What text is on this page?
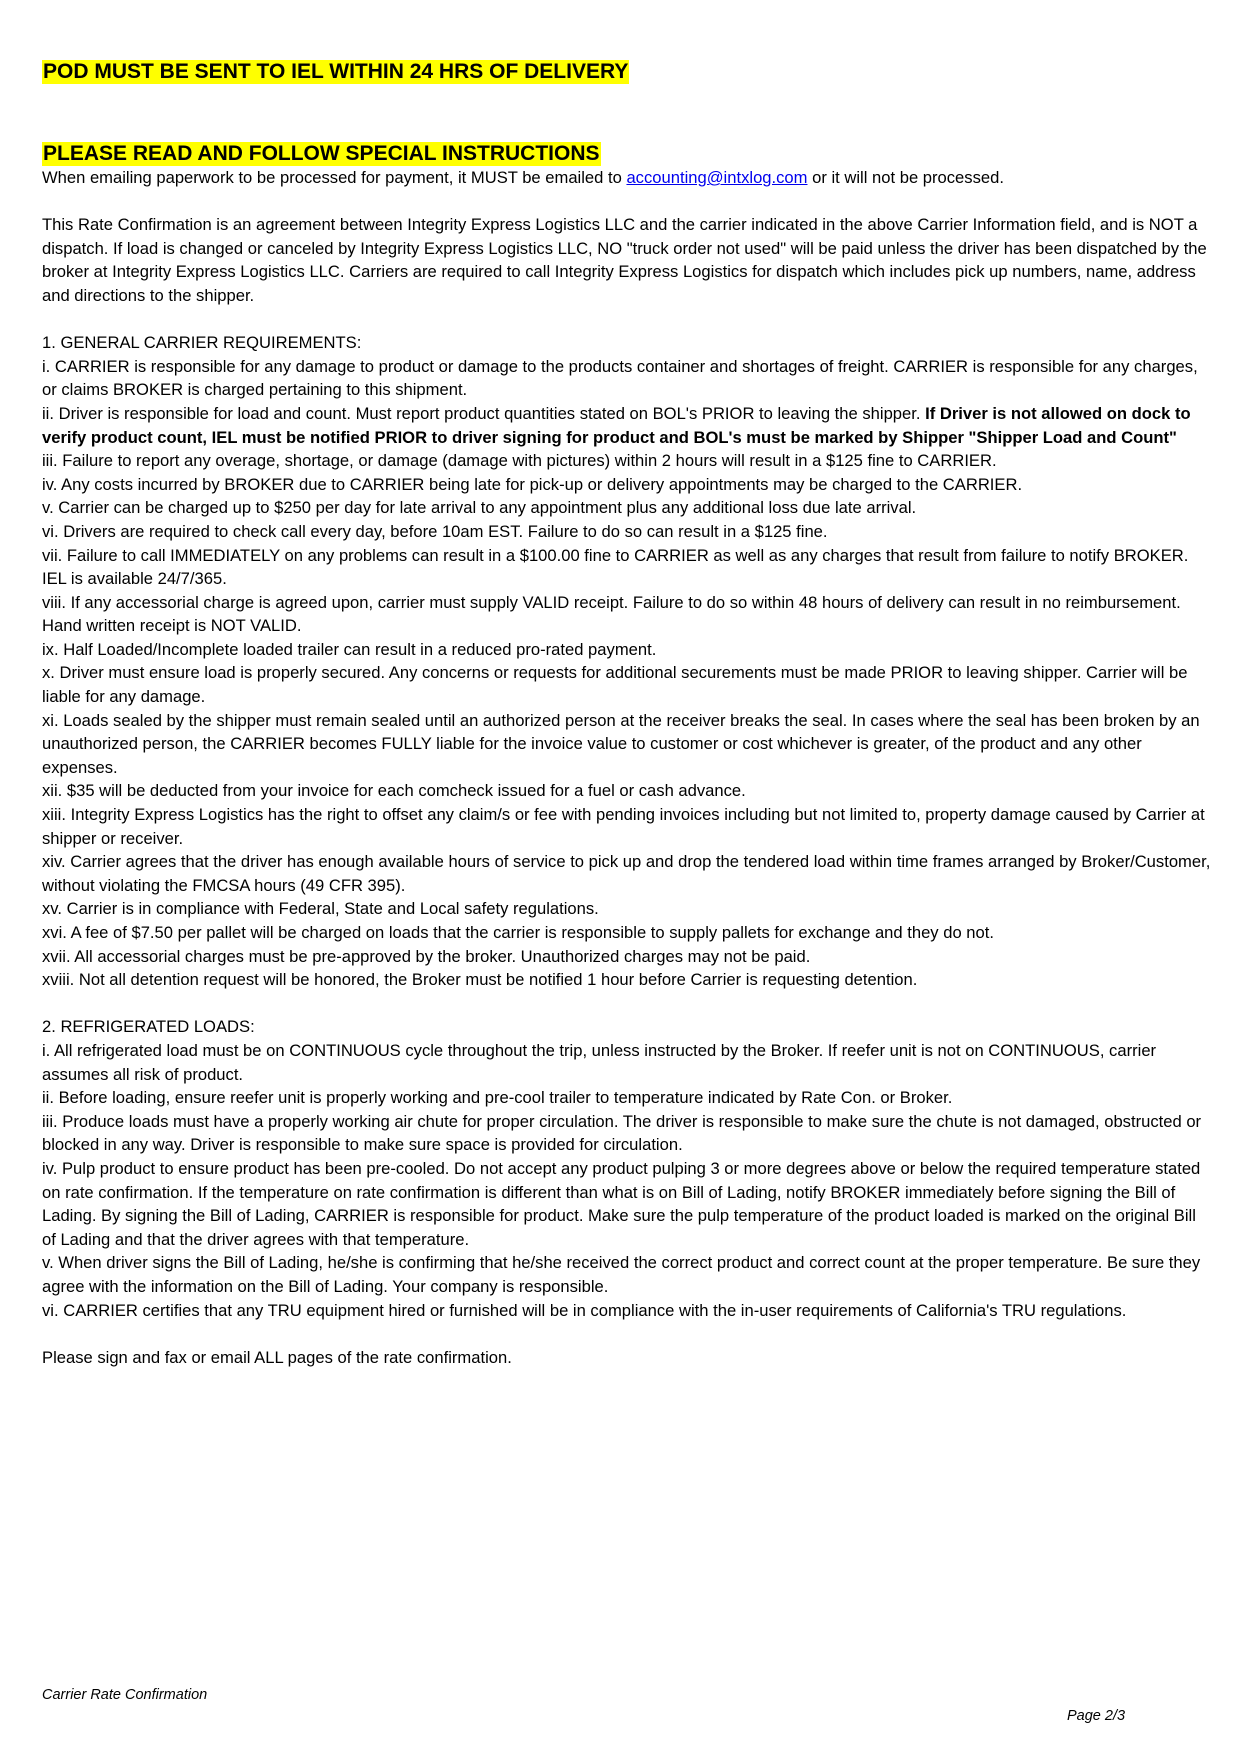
POD MUST BE SENT TO IEL WITHIN 24 HRS OF DELIVERY
PLEASE READ AND FOLLOW SPECIAL INSTRUCTIONS

When emailing paperwork to be processed for payment, it MUST be emailed to accounting@intxlog.com or it will not be processed.

This Rate Confirmation is an agreement between Integrity Express Logistics LLC and the carrier indicated in the above Carrier Information field, and is NOT a dispatch. If load is changed or canceled by Integrity Express Logistics LLC, NO "truck order not used" will be paid unless the driver has been dispatched by the broker at Integrity Express Logistics LLC. Carriers are required to call Integrity Express Logistics for dispatch which includes pick up numbers, name, address and directions to the shipper.

1. GENERAL CARRIER REQUIREMENTS:

i. CARRIER is responsible for any damage to product or damage to the products container and shortages of freight. CARRIER is responsible for any charges, or claims BROKER is charged pertaining to this shipment.

ii. Driver is responsible for load and count. Must report product quantities stated on BOL's PRIOR to leaving the shipper. If Driver is not allowed on dock to verify product count, IEL must be notified PRIOR to driver signing for product and BOL's must be marked by Shipper "Shipper Load and Count"

iii. Failure to report any overage, shortage, or damage (damage with pictures) within 2 hours will result in a $125 fine to CARRIER.

iv. Any costs incurred by BROKER due to CARRIER being late for pick-up or delivery appointments may be charged to the CARRIER.

v. Carrier can be charged up to $250 per day for late arrival to any appointment plus any additional loss due late arrival.

vi. Drivers are required to check call every day, before 10am EST. Failure to do so can result in a $125 fine.

vii. Failure to call IMMEDIATELY on any problems can result in a $100.00 fine to CARRIER as well as any charges that result from failure to notify BROKER. IEL is available 24/7/365.

viii. If any accessorial charge is agreed upon, carrier must supply VALID receipt. Failure to do so within 48 hours of delivery can result in no reimbursement. Hand written receipt is NOT VALID.

ix. Half Loaded/Incomplete loaded trailer can result in a reduced pro-rated payment.

x. Driver must ensure load is properly secured. Any concerns or requests for additional securements must be made PRIOR to leaving shipper. Carrier will be liable for any damage.

xi. Loads sealed by the shipper must remain sealed until an authorized person at the receiver breaks the seal. In cases where the seal has been broken by an unauthorized person, the CARRIER becomes FULLY liable for the invoice value to customer or cost whichever is greater, of the product and any other expenses.

xii. $35 will be deducted from your invoice for each comcheck issued for a fuel or cash advance.

xiii. Integrity Express Logistics has the right to offset any claim/s or fee with pending invoices including but not limited to, property damage caused by Carrier at shipper or receiver.

xiv. Carrier agrees that the driver has enough available hours of service to pick up and drop the tendered load within time frames arranged by Broker/Customer, without violating the FMCSA hours (49 CFR 395).

xv. Carrier is in compliance with Federal, State and Local safety regulations.

xvi. A fee of $7.50 per pallet will be charged on loads that the carrier is responsible to supply pallets for exchange and they do not.

xvii. All accessorial charges must be pre-approved by the broker. Unauthorized charges may not be paid.

xviii. Not all detention request will be honored, the Broker must be notified 1 hour before Carrier is requesting detention.

2. REFRIGERATED LOADS:

i. All refrigerated load must be on CONTINUOUS cycle throughout the trip, unless instructed by the Broker. If reefer unit is not on CONTINUOUS, carrier assumes all risk of product.

ii. Before loading, ensure reefer unit is properly working and pre-cool trailer to temperature indicated by Rate Con. or Broker.

iii. Produce loads must have a properly working air chute for proper circulation. The driver is responsible to make sure the chute is not damaged, obstructed or blocked in any way. Driver is responsible to make sure space is provided for circulation.

iv. Pulp product to ensure product has been pre-cooled. Do not accept any product pulping 3 or more degrees above or below the required temperature stated on rate confirmation. If the temperature on rate confirmation is different than what is on Bill of Lading, notify BROKER immediately before signing the Bill of Lading. By signing the Bill of Lading, CARRIER is responsible for product. Make sure the pulp temperature of the product loaded is marked on the original Bill of Lading and that the driver agrees with that temperature.

v. When driver signs the Bill of Lading, he/she is confirming that he/she received the correct product and correct count at the proper temperature. Be sure they agree with the information on the Bill of Lading. Your company is responsible.

vi. CARRIER certifies that any TRU equipment hired or furnished will be in compliance with the in-user requirements of California's TRU regulations.

Please sign and fax or email ALL pages of the rate confirmation.

Carrier Rate Confirmation
Page 2/3
